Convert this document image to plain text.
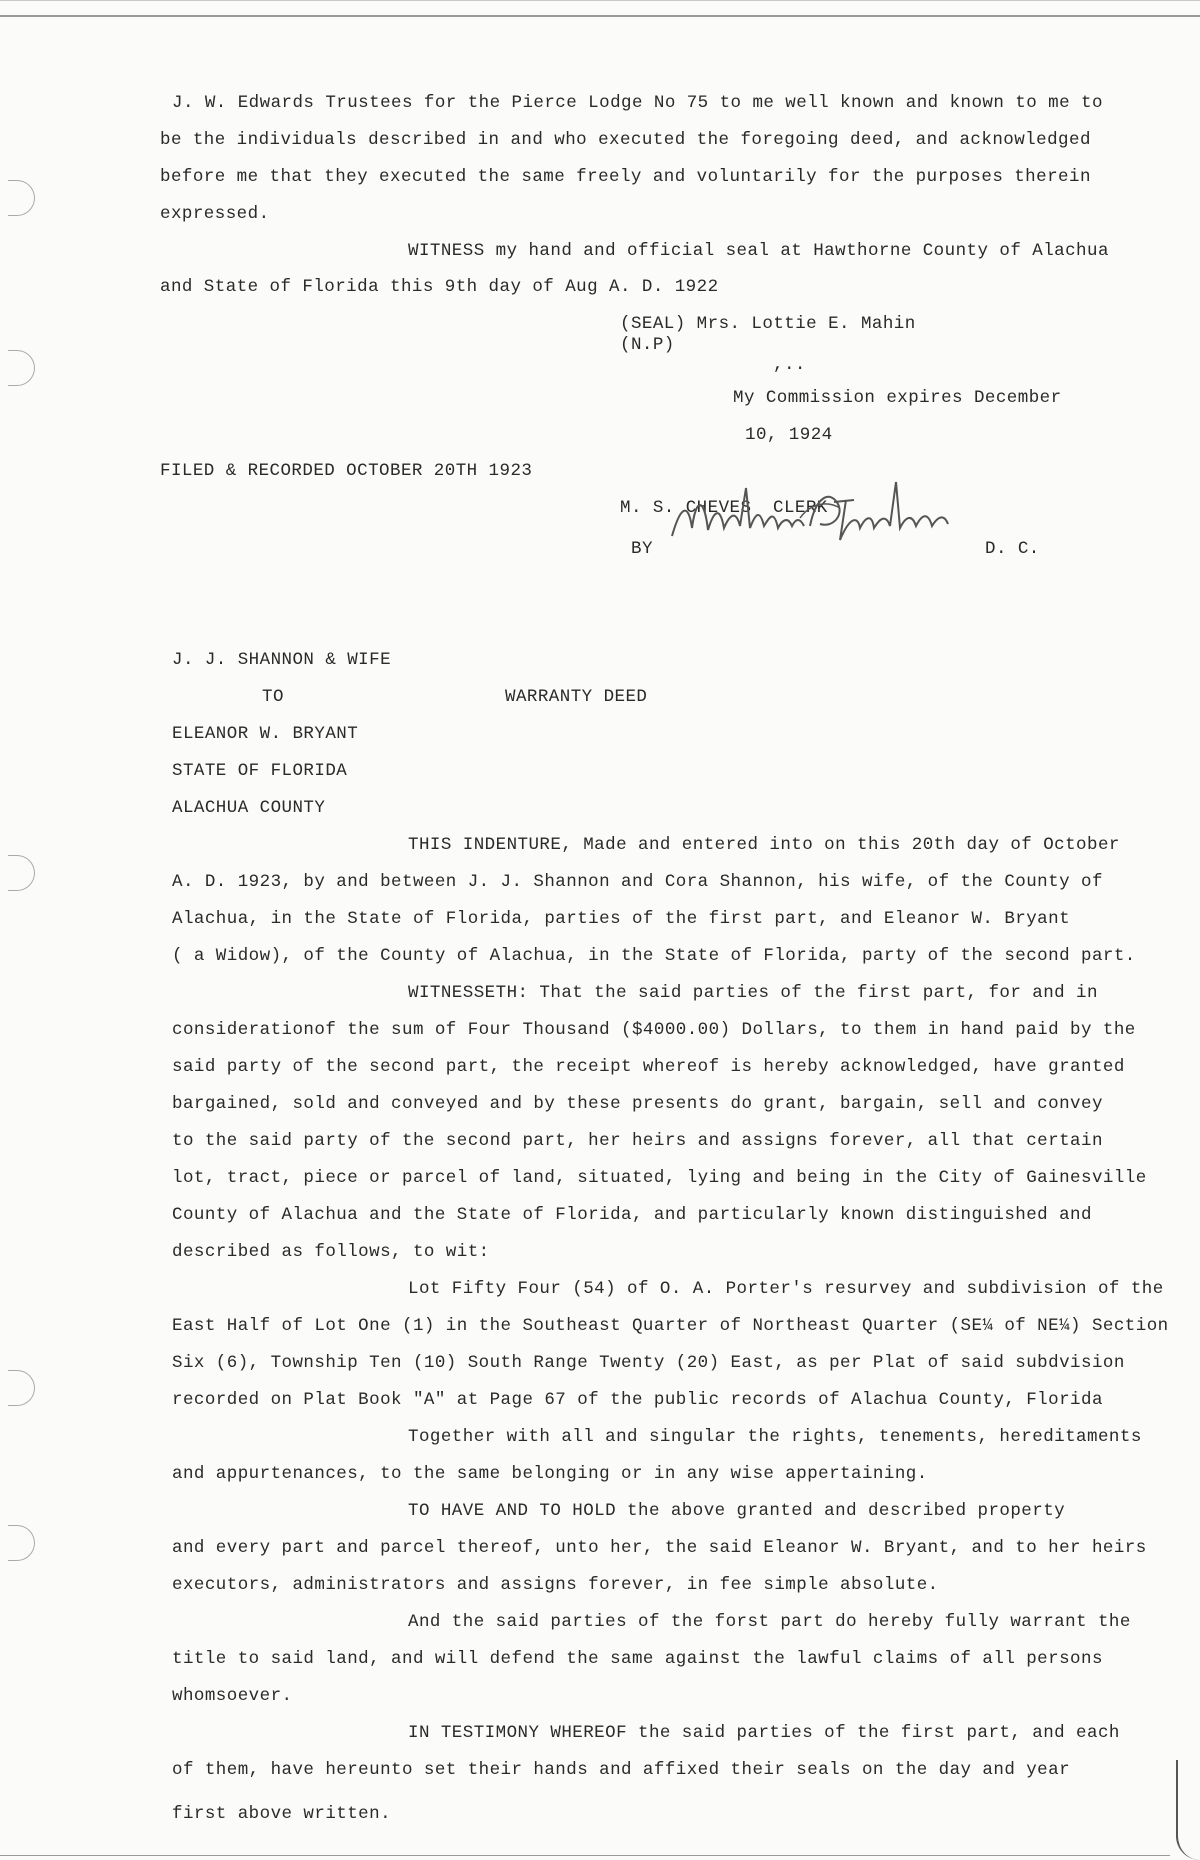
J. W. Edwards Trustees for the Pierce Lodge No 75 to me well known and known to me to
be the individuals described in and who executed the foregoing deed, and acknowledged
before me that they executed the same freely and voluntarily for the purposes therein
expressed.
WITNESS my hand and official seal at Hawthorne County of Alachua
and State of Florida this 9th day of Aug A. D. 1922
(SEAL) Mrs. Lottie E. Mahin
(N.P)
,..
My Commission expires December
10, 1924
FILED & RECORDED OCTOBER 20TH 1923
M. S. CHEVES CLERK
BY	D. C.
J. J. SHANNON & WIFE
TO	WARRANTY DEED
ELEANOR W. BRYANT
STATE OF FLORIDA
ALACHUA COUNTY
THIS INDENTURE, Made and entered into on this 20th day of October
A. D. 1923, by and between J. J. Shannon and Cora Shannon, his wife, of the County of
Alachua, in the State of Florida, parties of the first part, and Eleanor W. Bryant
( a Widow), of the County of Alachua, in the State of Florida, party of the second part.
WITNESSETH: That the said parties of the first part, for and in
considerationof the sum of Four Thousand ($4000.00) Dollars, to them in hand paid by the
said party of the second part, the receipt whereof is hereby acknowledged, have granted
bargained, sold and conveyed and by these presents do grant, bargain, sell and convey
to the said party of the second part, her heirs and assigns forever, all that certain
lot, tract, piece or parcel of land, situated, lying and being in the City of Gainesville
County of Alachua and the State of Florida, and particularly known distinguished and
described as follows, to wit:
Lot Fifty Four (54) of O. A. Porter's resurvey and subdivision of the
East Half of Lot One (1) in the Southeast Quarter of Northeast Quarter (SE¼ of NE¼) Section
Six (6), Township Ten (10) South Range Twenty (20) East, as per Plat of said subdvision
recorded on Plat Book "A" at Page 67 of the public records of Alachua County, Florida
Together with all and singular the rights, tenements, hereditaments
and appurtenances, to the same belonging or in any wise appertaining.
TO HAVE AND TO HOLD the above granted and described property
and every part and parcel thereof, unto her, the said Eleanor W. Bryant, and to her heirs
executors, administrators and assigns forever, in fee simple absolute.
And the said parties of the forst part do hereby fully warrant the
title to said land, and will defend the same against the lawful claims of all persons
whomsoever.
IN TESTIMONY WHEREOF the said parties of the first part, and each
of them, have hereunto set their hands and affixed their seals on the day and year
first above written.
